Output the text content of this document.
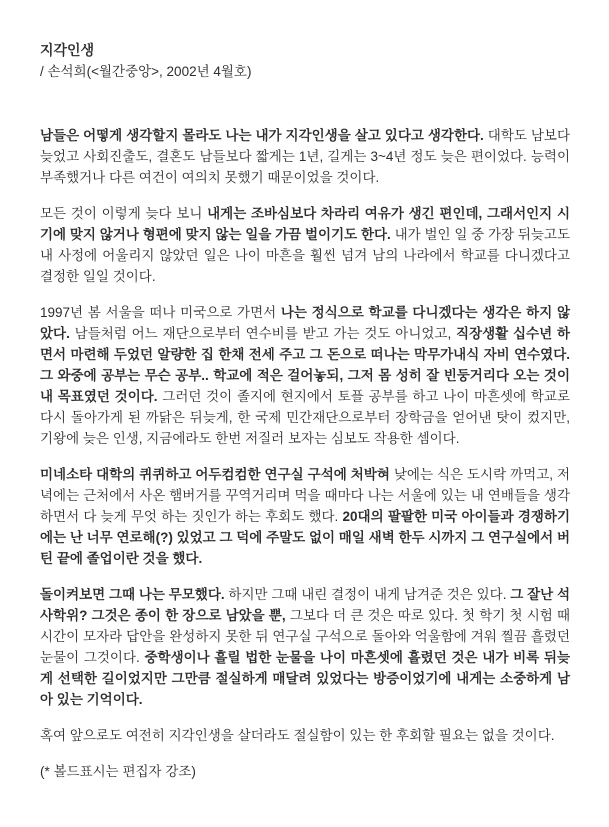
지각인생

/ 손석희(<월간중앙>, 2002년 4월호)

남들은 어떻게 생각할지 몰라도 나는 내가 지각인생을 살고 있다고 생각한다. 대학도 남보다 늦었고 사회진출도, 결혼도 남들보다 짧게는 1년, 길게는 3~4년 정도 늦은 편이었다. 능력이 부족했거나 다른 여건이 여의치 못했기 때문이었을 것이다.

모든 것이 이렇게 늦다 보니 내게는 조바심보다 차라리 여유가 생긴 편인데, 그래서인지 시기에 맞지 않거나 형편에 맞지 않는 일을 가끔 벌이기도 한다. 내가 벌인 일 중 가장 뒤늦고도 내 사정에 어울리지 않았던 일은 나이 마흔을 훨씬 넘겨 남의 나라에서 학교를 다니겠다고 결정한 일일 것이다.

1997년 봄 서울을 떠나 미국으로 가면서 나는 정식으로 학교를 다니겠다는 생각은 하지 않았다. 남들처럼 어느 재단으로부터 연수비를 받고 가는 것도 아니었고, 직장생활 십수년 하면서 마련해 두었던 알량한 집 한채 전세 주고 그 돈으로 떠나는 막무가내식 자비 연수였다. 그 와중에 공부는 무슨 공부.. 학교에 적은 걸어놓되, 그저 몸 성히 잘 빈둥거리다 오는 것이 내 목표였던 것이다. 그러던 것이 졸지에 현지에서 토플 공부를 하고 나이 마흔셋에 학교로 다시 돌아가게 된 까닭은 뒤늦게, 한 국제 민간재단으로부터 장학금을 얻어낸 탓이 컸지만, 기왕에 늦은 인생, 지금에라도 한번 저질러 보자는 심보도 작용한 셈이다.

미네소타 대학의 퀴퀴하고 어두컴컴한 연구실 구석에 처박혀 낮에는 식은 도시락 까먹고, 저녁에는 근처에서 사온 햄버거를 꾸역거리며 먹을 때마다 나는 서울에 있는 내 연배들을 생각하면서 다 늦게 무엇 하는 짓인가 하는 후회도 했다. 20대의 팔팔한 미국 아이들과 경쟁하기에는 난 너무 연로해(?) 있었고 그 덕에 주말도 없이 매일 새벽 한두 시까지 그 연구실에서 버틴 끝에 졸업이란 것을 했다.

돌이켜보면 그때 나는 무모했다. 하지만 그때 내린 결정이 내게 남겨준 것은 있다. 그 잘난 석사학위? 그것은 종이 한 장으로 남았을 뿐, 그보다 더 큰 것은 따로 있다. 첫 학기 첫 시험 때 시간이 모자라 답안을 완성하지 못한 뒤 연구실 구석으로 돌아와 억울함에 겨워 찔끔 흘렸던 눈물이 그것이다. 중학생이나 흘릴 법한 눈물을 나이 마흔셋에 흘렸던 것은 내가 비록 뒤늦게 선택한 길이었지만 그만큼 절실하게 매달려 있었다는 방증이었기에 내게는 소중하게 남아 있는 기억이다.

혹여 앞으로도 여전히 지각인생을 살더라도 절실함이 있는 한 후회할 필요는 없을 것이다.

(* 볼드표시는 편집자 강조)
